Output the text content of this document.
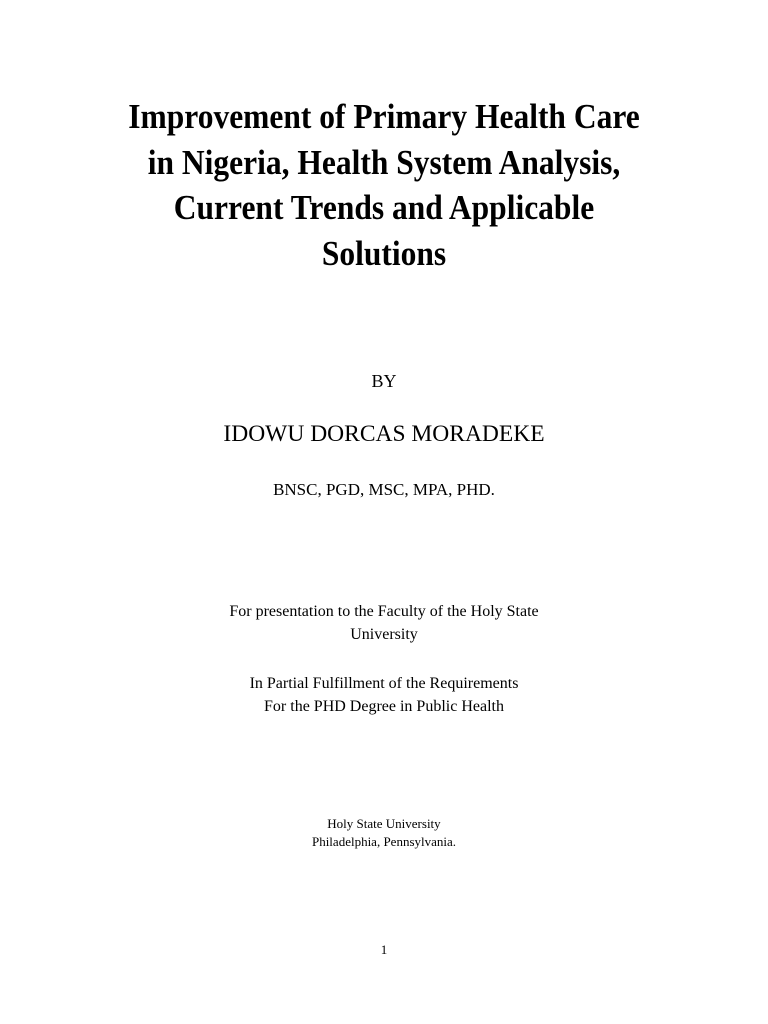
Improvement of Primary Health Care
in Nigeria, Health System Analysis,
Current Trends and Applicable
Solutions
BY
IDOWU DORCAS MORADEKE
BNSC, PGD, MSC, MPA, PHD.
For presentation to the Faculty of the Holy State
University
In Partial Fulfillment of the Requirements
For the PHD Degree in Public Health
Holy State University
Philadelphia, Pennsylvania.
1
